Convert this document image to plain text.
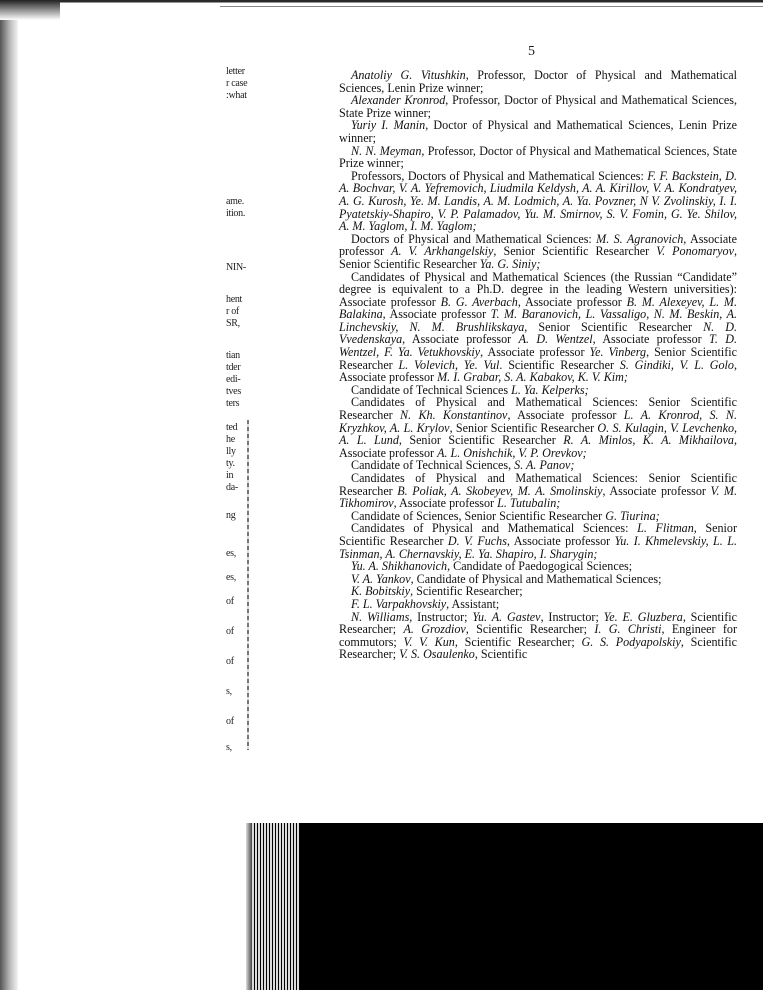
letter
r case
:what
ame.
ition.
NIN-
hent
r of
SR,
tian
tder
edi-
tves
ters
ted
he
lly
ty.
in
da-
ng
es,
es,
of
of
of
s,
of
s,
5

Anatoliy G. Vitushkin, Professor, Doctor of Physical and Mathematical Sciences, Lenin Prize winner;

Alexander Kronrod, Professor, Doctor of Physical and Mathematical Sciences, State Prize winner;

Yuriy I. Manin, Doctor of Physical and Mathematical Sciences, Lenin Prize winner;

N. N. Meyman, Professor, Doctor of Physical and Mathematical Sciences, State Prize winner;

Professors, Doctors of Physical and Mathematical Sciences: F. F. Backstein, D. A. Bochvar, V. A. Yefremovich, Liudmila Keldysh, A. A. Kirillov, V. A. Kondratyev, A. G. Kurosh, Ye. M. Landis, A. M. Lodmich, A. Ya. Povzner, N V. Zvolinskiy, I. I. Pyatetskiy-Shapiro, V. P. Palamadov, Yu. M. Smirnov, S. V. Fomin, G. Ye. Shilov, A. M. Yaglom, I. M. Yaglom;

Doctors of Physical and Mathematical Sciences: M. S. Agranovich, Associate professor A. V. Arkhangelskiy, Senior Scientific Researcher V. Ponomaryov, Senior Scientific Researcher Ya. G. Siniy;

Candidates of Physical and Mathematical Sciences (the Russian “Candidate” degree is equivalent to a Ph.D. degree in the leading Western universities): Associate professor B. G. Averbach, Associate professor B. M. Alexeyev, L. M. Balakina, Associate professor T. M. Baranovich, L. Vassaligo, N. M. Beskin, A. Linchevskiy, N. M. Brushlikskaya, Senior Scientific Researcher N. D. Vvedenskaya, Associate professor A. D. Wentzel, Associate professor T. D. Wentzel, F. Ya. Vetukhovskiy, Associate professor Ye. Vinberg, Senior Scientific Researcher L. Volevich, Ye. Vul. Scientific Researcher S. Gindiki, V. L. Golo, Associate professor M. I. Grabar, S. A. Kabakov, K. V. Kim;

Candidate of Technical Sciences L. Ya. Kelperks;

Candidates of Physical and Mathematical Sciences: Senior Scientific Researcher N. Kh. Konstantinov, Associate professor L. A. Kronrod, S. N. Kryzhkov, A. L. Krylov, Senior Scientific Researcher O. S. Kulagin, V. Levchenko, A. L. Lund, Senior Scientific Researcher R. A. Minlos, K. A. Mikhailova, Associate professor A. L. Onishchik, V. P. Orevkov;

Candidate of Technical Sciences, S. A. Panov;

Candidates of Physical and Mathematical Sciences: Senior Scientific Researcher B. Poliak, A. Skobeyev, M. A. Smolinskiy, Associate professor V. M. Tikhomirov, Associate professor L. Tutubalin;

Candidate of Sciences, Senior Scientific Researcher G. Tiurina;

Candidates of Physical and Mathematical Sciences: L. Flitman, Senior Scientific Researcher D. V. Fuchs, Associate professor Yu. I. Khmelevskiy, L. L. Tsinman, A. Chernavskiy, E. Ya. Shapiro, I. Sharygin;

Yu. A. Shikhanovich, Candidate of Paedogogical Sciences;

V. A. Yankov, Candidate of Physical and Mathematical Sciences;

K. Bobitskiy, Scientific Researcher;

F. L. Varpakhovskiy, Assistant;

N. Williams, Instructor; Yu. A. Gastev, Instructor; Ye. E. Gluzbera, Scientific Researcher; A. Grozdiov, Scientific Researcher; I. G. Christi, Engineer for commutors; V. V. Kun, Scientific Researcher; G. S. Podyapolskiy, Scientific Researcher; V. S. Osaulenko, Scientific
